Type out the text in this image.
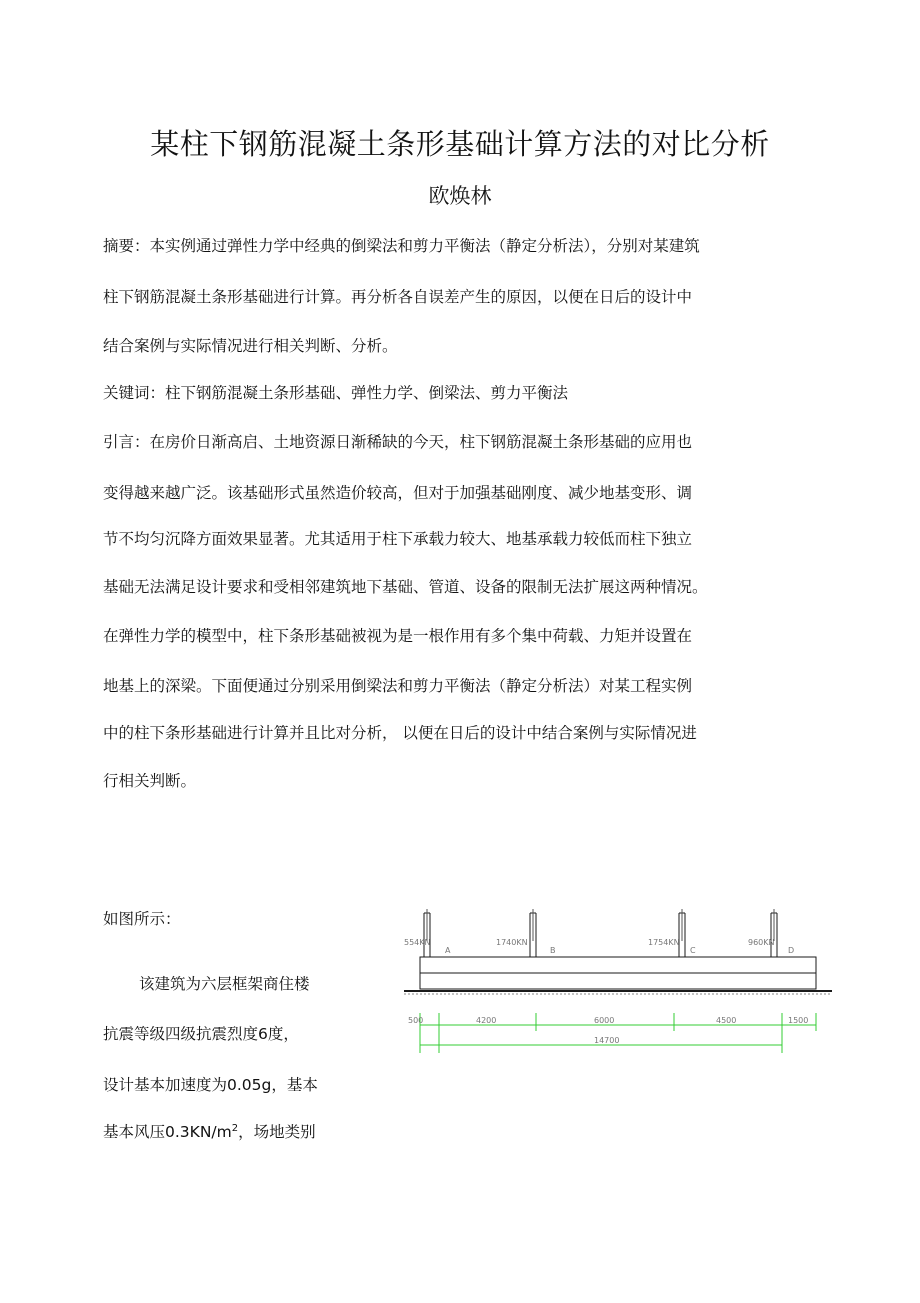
某柱下钢筋混凝土条形基础计算方法的对比分析

欧焕林

摘要：本实例通过弹性力学中经典的倒梁法和剪力平衡法（静定分析法），分别对某建筑

柱下钢筋混凝土条形基础进行计算。再分析各自误差产生的原因，以便在日后的设计中

结合案例与实际情况进行相关判断、分析。

关键词：柱下钢筋混凝土条形基础、弹性力学、倒梁法、剪力平衡法

引言：在房价日渐高启、土地资源日渐稀缺的今天，柱下钢筋混凝土条形基础的应用也

变得越来越广泛。该基础形式虽然造价较高，但对于加强基础刚度、减少地基变形、调

节不均匀沉降方面效果显著。尤其适用于柱下承载力较大、地基承载力较低而柱下独立

基础无法满足设计要求和受相邻建筑地下基础、管道、设备的限制无法扩展这两种情况。

在弹性力学的模型中，柱下条形基础被视为是一根作用有多个集中荷载、力矩并设置在

地基上的深梁。下面便通过分别采用倒梁法和剪力平衡法（静定分析法）对某工程实例

中的柱下条形基础进行计算并且比对分析， 以便在日后的设计中结合案例与实际情况进

行相关判断。

如图所示：

该建筑为六层框架商住楼

抗震等级四级抗震烈度6度，

设计基本加速度为0.05g，基本

基本风压$0.3KN/m^2$，场地类别

554KN	1740KN	1754KN	960KN
A	B	C	D
500	4200	6000	4500	1500
14700
